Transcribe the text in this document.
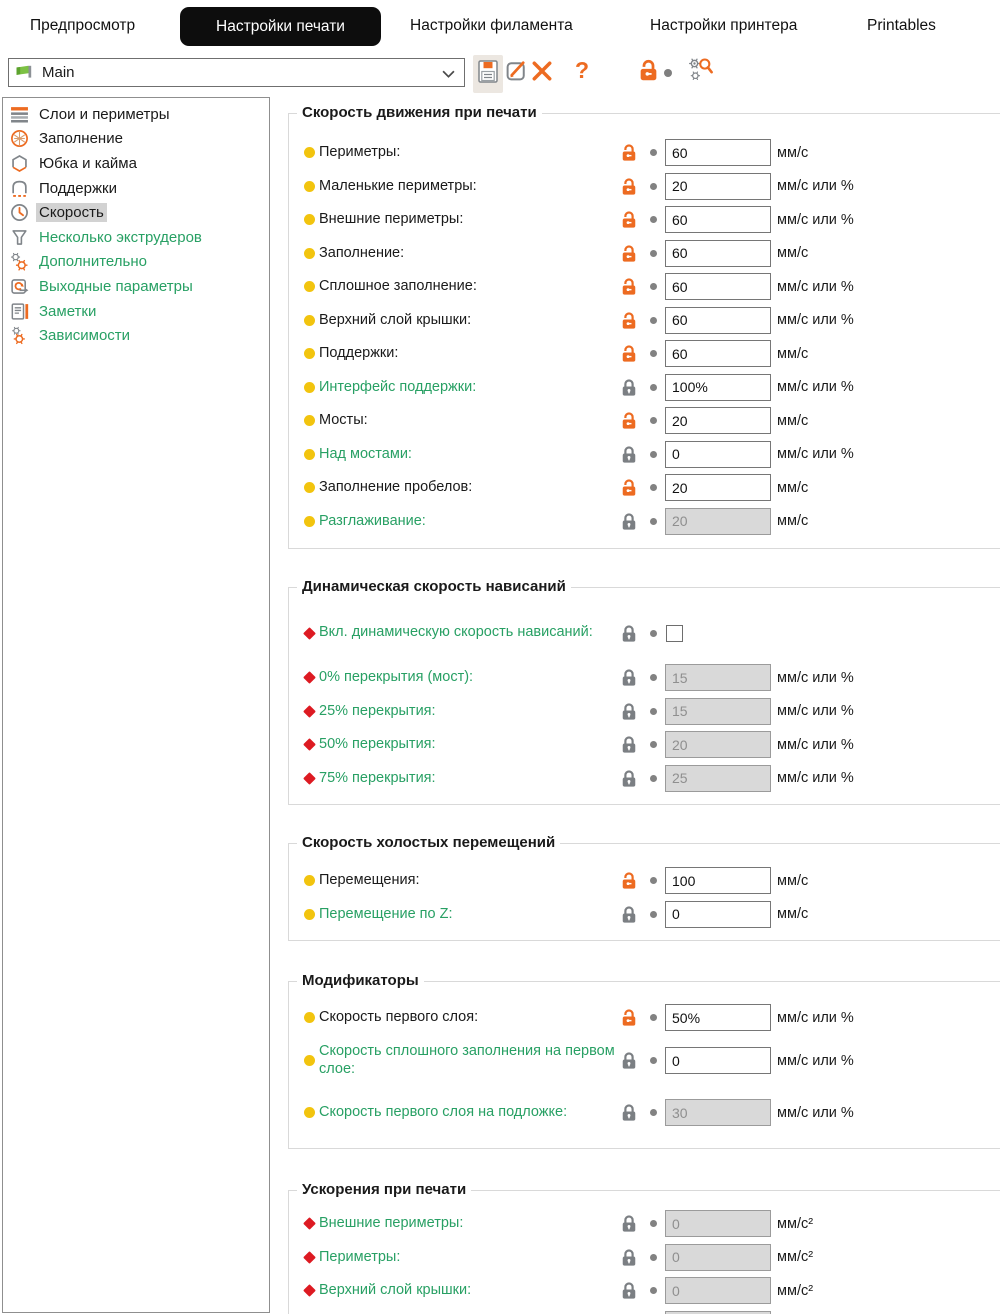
Предпросмотр	Настройки печати	Настройки филамента	Настройки принтера	Printables
Main	?
Слои и периметры
Заполнение
Юбка и кайма
Поддержки
Скорость
Несколько экструдеров
Дополнительно
Выходные параметры
Заметки
Зависимости
Скорость движения при печати
Периметры:
60	мм/с
Маленькие периметры:
20	мм/с или %
Внешние периметры:
60	мм/с или %
Заполнение:
60	мм/с
Сплошное заполнение:
60	мм/с или %
Верхний слой крышки:
60	мм/с или %
Поддержки:
60	мм/с
Интерфейс поддержки:
100%	мм/с или %
Мосты:
20	мм/с
Над мостами:
0	мм/с или %
Заполнение пробелов:
20	мм/с
Разглаживание:
20	мм/с
Динамическая скорость нависаний
Вкл. динамическую скорость нависаний:
0% перекрытия (мост):
15	мм/с или %
25% перекрытия:
15	мм/с или %
50% перекрытия:
20	мм/с или %
75% перекрытия:
25	мм/с или %
Скорость холостых перемещений
Перемещения:
100	мм/с
Перемещение по Z:
0	мм/с
Модификаторы
Скорость первого слоя:
50%	мм/с или %
Скорость сплошного заполнения на первом слое:
0	мм/с или %
Скорость первого слоя на подложке:
30	мм/с или %
Ускорения при печати
Внешние периметры:
0	мм/с²
Периметры:
0	мм/с²
Верхний слой крышки:
0	мм/с²
